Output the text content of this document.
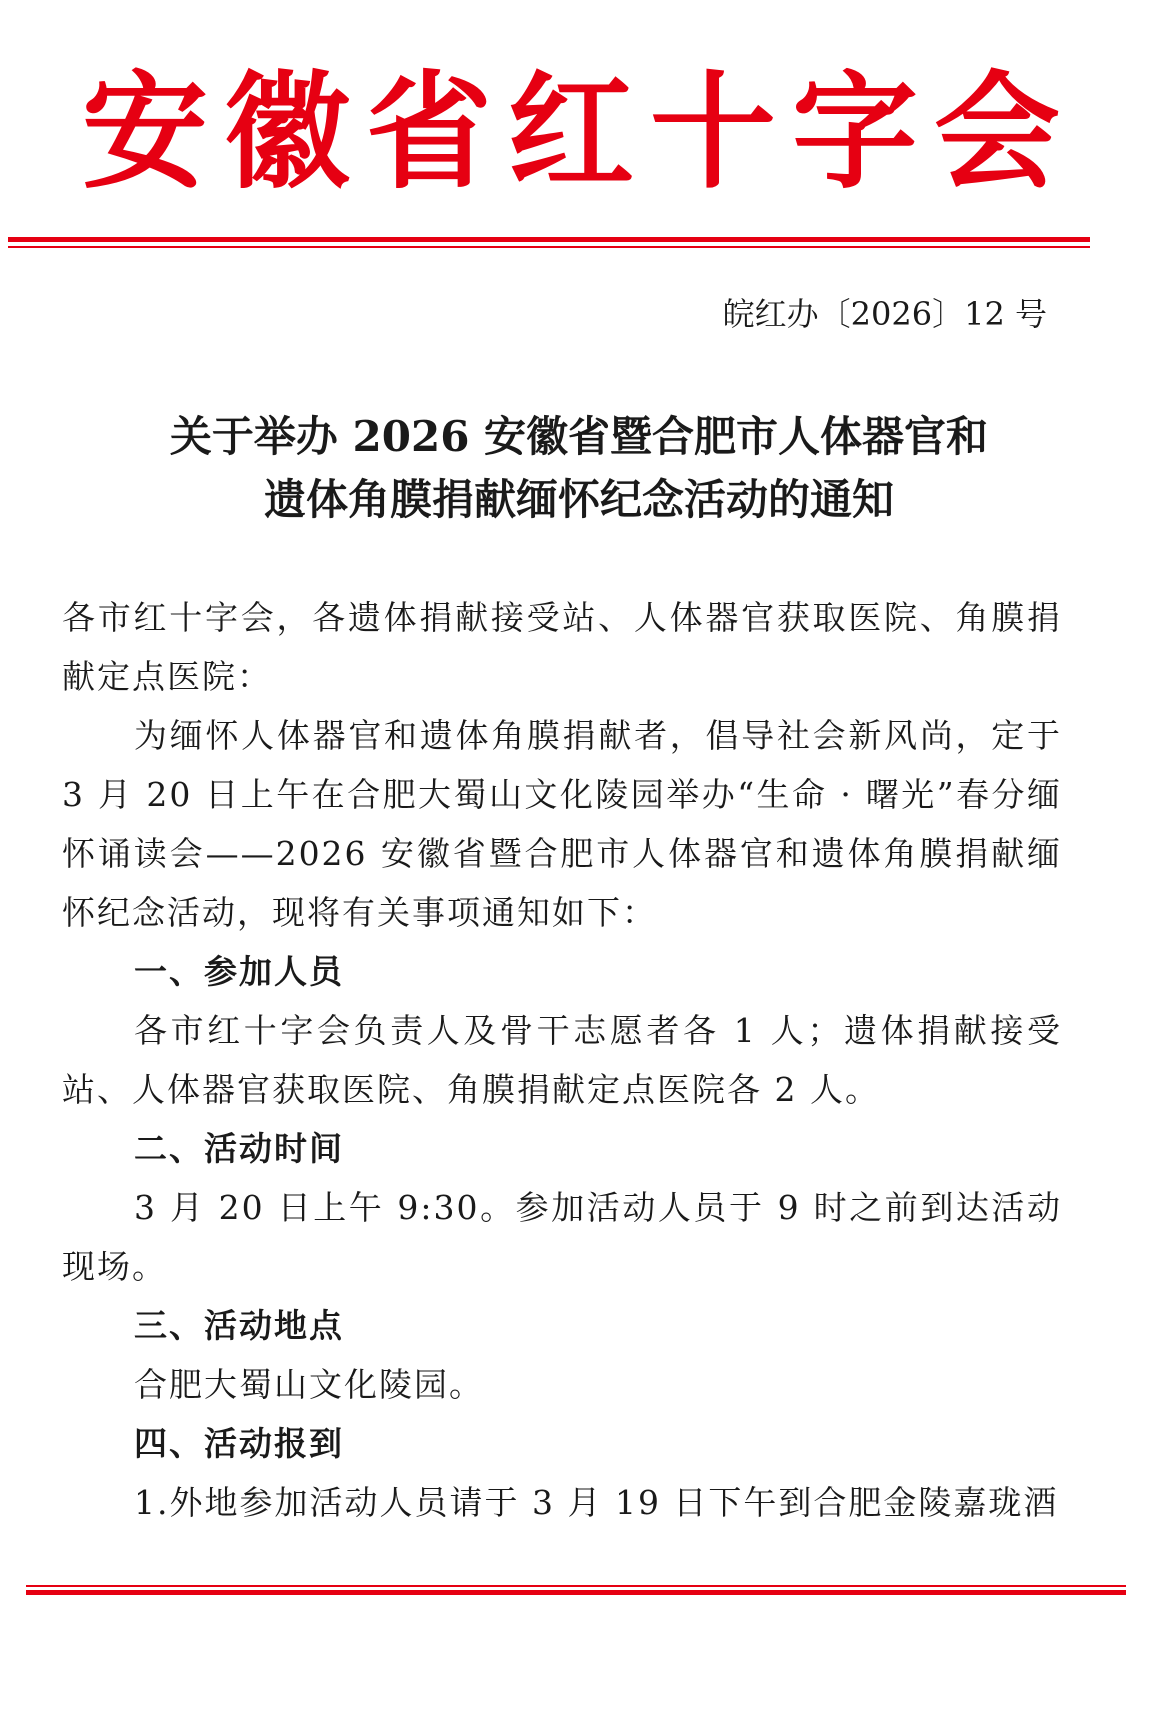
安徽省红十字会
皖红办〔2026〕12 号
关于举办 2026 安徽省暨合肥市人体器官和
遗体角膜捐献缅怀纪念活动的通知
各市红十字会，各遗体捐献接受站、人体器官获取医院、角膜捐献定点医院：
为缅怀人体器官和遗体角膜捐献者，倡导社会新风尚，定于 3 月 20 日上午在合肥大蜀山文化陵园举办“生命 · 曙光”春分缅怀诵读会——2026 安徽省暨合肥市人体器官和遗体角膜捐献缅怀纪念活动，现将有关事项通知如下：
一、参加人员
各市红十字会负责人及骨干志愿者各 1 人；遗体捐献接受站、人体器官获取医院、角膜捐献定点医院各 2 人。
二、活动时间
3 月 20 日上午 9:30。参加活动人员于 9 时之前到达活动现场。
三、活动地点
合肥大蜀山文化陵园。
四、活动报到
1.外地参加活动人员请于 3 月 19 日下午到合肥金陵嘉珑酒
